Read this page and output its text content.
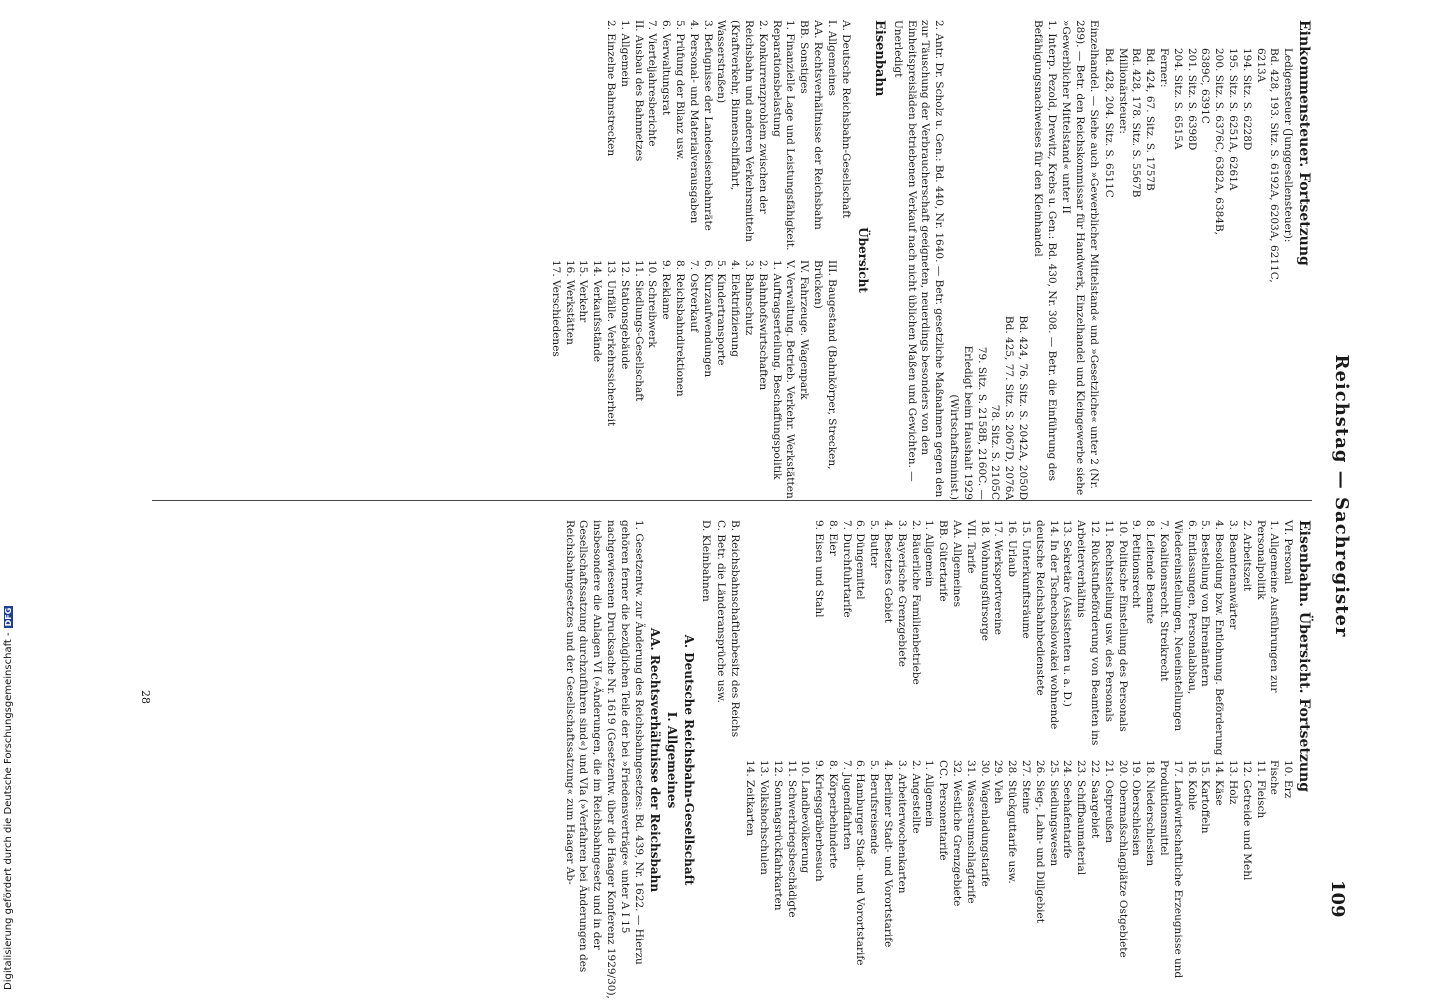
Digitalisierung gefördert durch die Deutsche Forschungsgemeinschaft -DFG	Reichstag — Sachregister
109
Eisenbahn. Übersicht. Fortsetzung
VI. Personal
1. Allgemeine Ausführungen zur Personalpolitik
2. Arbeitszeit
3. Beamtenanwärter
4. Besoldung bzw. Entlohnung. Beförderung
5. Bestellung von Ehrenämtern
6. Entlassungen, Personalabbau, Wiedereinstellungen, Neueinstellungen
7. Koalitionsrecht. Streikrecht
8. Leitende Beamte
9. Petitionsrecht
10. Politische Einstellung des Personals
11. Rechtsstellung usw. des Personals
12. Rückstufbeförderung von Beamten ins Arbeiterverhältnis
13. Sekretäre (Assistenten u. a. D.)
14. In der Tschechoslowakei wohnende deutsche Reichsbahnbedienstete
15. Unterkunftsräume
16. Urlaub
17. Werksportvereine
18. Wohnungsfürsorge
VII. Tarife
AA. Allgemeines
BB. Gütertarife
1. Allgemein
2. Bäuerliche Familienbetriebe
3. Bayerische Grenzgebiete
4. Besetztes Gebiet
5. Butter
6. Düngemittel
7. Durchfuhrtarife
8. Eier
9. Eisen und Stahl
10. Erz
Fische
11. Fleisch
12. Getreide und Mehl
13. Holz
14. Käse
15. Kartoffeln
16. Kohle
17. Landwirtschaftliche Erzeugnisse und Produktionsmittel
18. Niederschlesien
19. Oberschlesien
20. Obermaßschlagplätze Ostgebiete
21. Ostpreußen
22. Saargebiet
23. Schiffbaumaterial
24. Seehafentarife
25. Siedlungswesen
26. Sieg-, Lahn- und Dillgebiet
27. Steine
28. Stückguttarife usw.
29. Vieh
30. Wagenladungstarife
31. Wassersumschlagtarife
32. Westliche Grenzgebiete
CC. Personentarife
1. Allgemein
2. Angestellte
3. Arbeiterwochenkarten
4. Berliner Stadt- und Vorortstarife
5. Berufsreisende
6. Hamburger Stadt- und Vorortstarife
7. Jugendfahrten
8. Körperbehinderte
9. Kriegsgräberbesuch
10. Landbevölkerung
11. Schwerkriegsbeschädigte
12. Sonntagsrückfahrkarten
13. Volkshochschulen
14. Zeitkarten
B. Reichsbahnschaftlenbesitz des Reichs
C. Betr. die Länderansprüche usw.
D. Kleinbahnen
A. Deutsche Reichsbahn-Gesellschaft
I. Allgemeines
AA. Rechtsverhältnisse der Reichsbahn
1. Gesetzentw. zur Änderung des Reichsbahngesetzes: Bd. 439, Nr. 1622. — Hierzu gehören ferner die bezüglichen Teile der bei »Friedensverträge« unter A I 15 nachgewiesenen Drucksache Nr. 1619 (Gesetzentw. über die Haager Konferenz 1929/30), insbesondere die Anlagen VI (»Änderungen, die im Reichsbahngesetz und in der Gesellschaftssatzung durchzuführen sind«) und VIa (»Verfahren bei Änderungen des Reichsbahngesetzes und der Gesellschaftssatzung« zum Haager Ab-
Einkommensteuer. Fortsetzung
Ledigensteuer (Junggesellensteuer):
Bd. 428, 193. Sitz. S. 6192A, 6203A, 6211C,
6213A
194. Sitz. S. 6228D
195. Sitz. S. 6251A, 6261A
200. Sitz. S. 6376C, 6382A, 6384B,
6389C, 6391C
201. Sitz. S. 6398D
204. Sitz. S. 6515A
Ferner:
Bd. 424, 67. Sitz. S. 1757B
Bd. 428, 178. Sitz. S. 5567B
Millionärsteuer:
Bd. 428, 204. Sitz. S. 6511C
Einzelhandel. — Siehe auch »Gewerblicher Mittelstand« und »Gesetzliche« unter 2 (Nr. 289). — Betr. den Reichskommissar für Handwerk, Einzelhandel und Kleingewerbe siehe »Gewerblicher Mittelstand« unter II
1. Interp. Pezold, Drewitz, Krebs u. Gen.: Bd. 430, Nr. 308. — Betr. die Einführung des Befähigungsnachweises für den Kleinhandel
Bd. 424, 76. Sitz. S. 2042A, 2050D
Bd. 425, 77. Sitz. S. 2067D, 2076A
78. Sitz. S. 2105C
79. Sitz. S. 2158B, 2160C. —
Erledigt beim Haushalt 1929
(Wirtschaftsminist.)
2. Antr. Dr. Scholz u. Gen.: Bd. 440, Nr. 1640. — Betr. gesetzliche Maßnahmen gegen den zur Täuschung der Verbraucherschaft geeigneten, neuerdings besonders von den Einheitspreisläden betriebenen Verkauf nach nicht üblichen Maßen und Gewichten. — Unerledigt
Eisenbahn
Übersicht
A. Deutsche Reichsbahn-Gesellschaft
I. Allgemeines
AA. Rechtsverhältnisse der Reichsbahn
BB. Sonstiges
1. Finanzielle Lage und Leistungsfähigkeit. Reparationsbelastung
2. Konkurrenzproblem zwischen der Reichsbahn und anderen Verkehrsmitteln (Kraftverkehr, Binnenschiffahrt, Wasserstraßen)
3. Befugnisse der Landeseisenbahnräte
4. Personal- und Materialverausgaben
5. Prüfung der Bilanz usw.
6. Verwaltungsrat
7. Vierteljahresberichte
II. Ausbau des Bahnnetzes
1. Allgemein
2. Einzelne Bahnstrecken
III. Baugestand (Bahnkörper, Strecken, Brücken)
IV. Fahrzeuge. Wagenpark
V. Verwaltung. Betrieb. Verkehr. Werkstätten
1. Auftragserteilung. Beschaffungspolitik
2. Bahnhofswirtschaften
3. Bahnschutz
4. Elektrifizierung
5. Kindertransporte
6. Kurzaufwendungen
7. Ostverkauf
8. Reichsbahndirektionen
9. Reklame
10. Schreibwerk
11. Siedlungs-Gesellschaft
12. Stationsgebäude
13. Unfälle. Verkehrssicherheit
14. Verkaufsstände
15. Verkehr
16. Werkstätten
17. Verschiedenes
28
